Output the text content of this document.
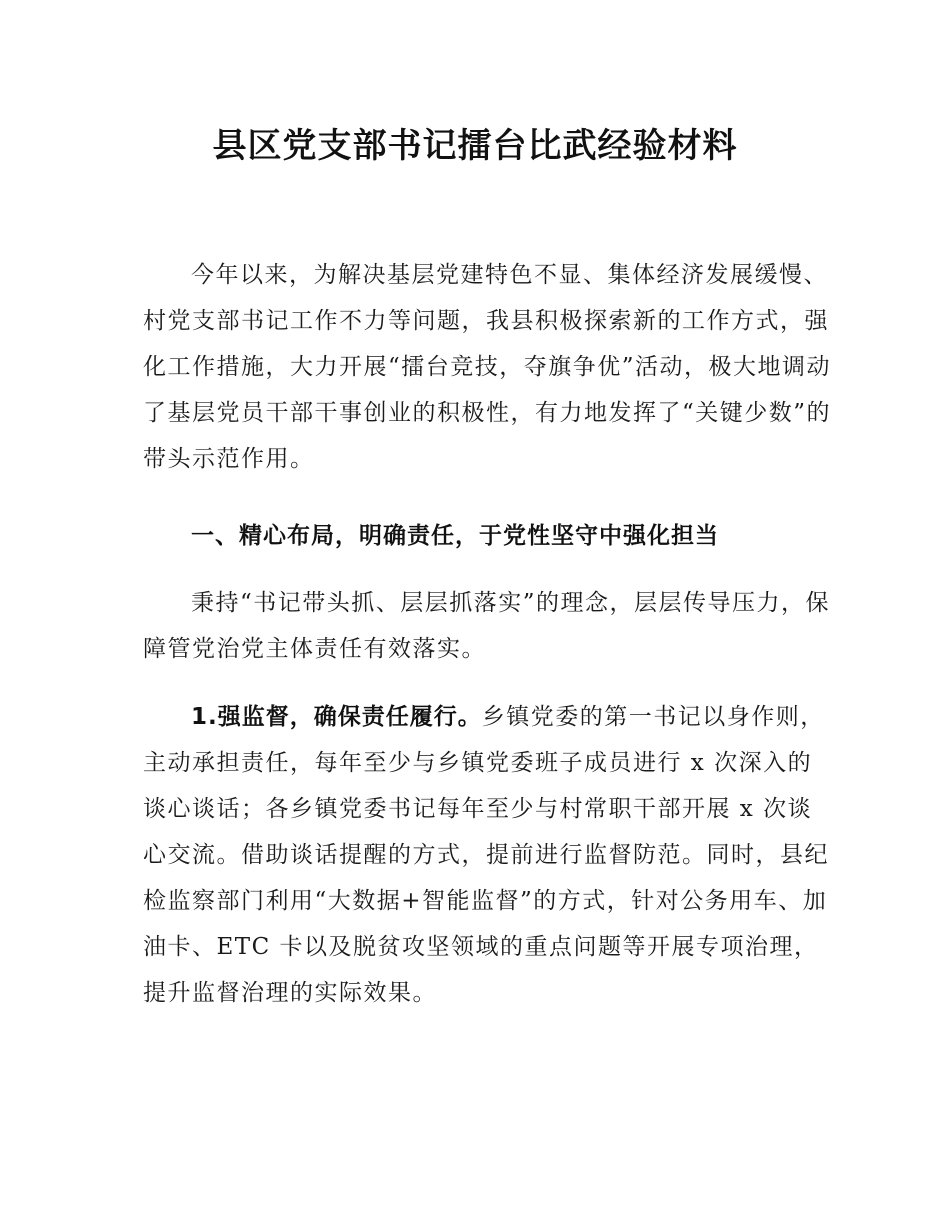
县区党支部书记擂台比武经验材料

今年以来，为解决基层党建特色不显、集体经济发展缓慢、村党支部书记工作不力等问题，我县积极探索新的工作方式，强化工作措施，大力开展“擂台竞技，夺旗争优”活动，极大地调动了基层党员干部干事创业的积极性，有力地发挥了“关键少数”的带头示范作用。

一、精心布局，明确责任，于党性坚守中强化担当

秉持“书记带头抓、层层抓落实”的理念，层层传导压力，保障管党治党主体责任有效落实。

1.强监督，确保责任履行。乡镇党委的第一书记以身作则，主动承担责任，每年至少与乡镇党委班子成员进行 x 次深入的谈心谈话；各乡镇党委书记每年至少与村常职干部开展 x 次谈心交流。借助谈话提醒的方式，提前进行监督防范。同时，县纪检监察部门利用“大数据+智能监督”的方式，针对公务用车、加油卡、ETC 卡以及脱贫攻坚领域的重点问题等开展专项治理，提升监督治理的实际效果。
